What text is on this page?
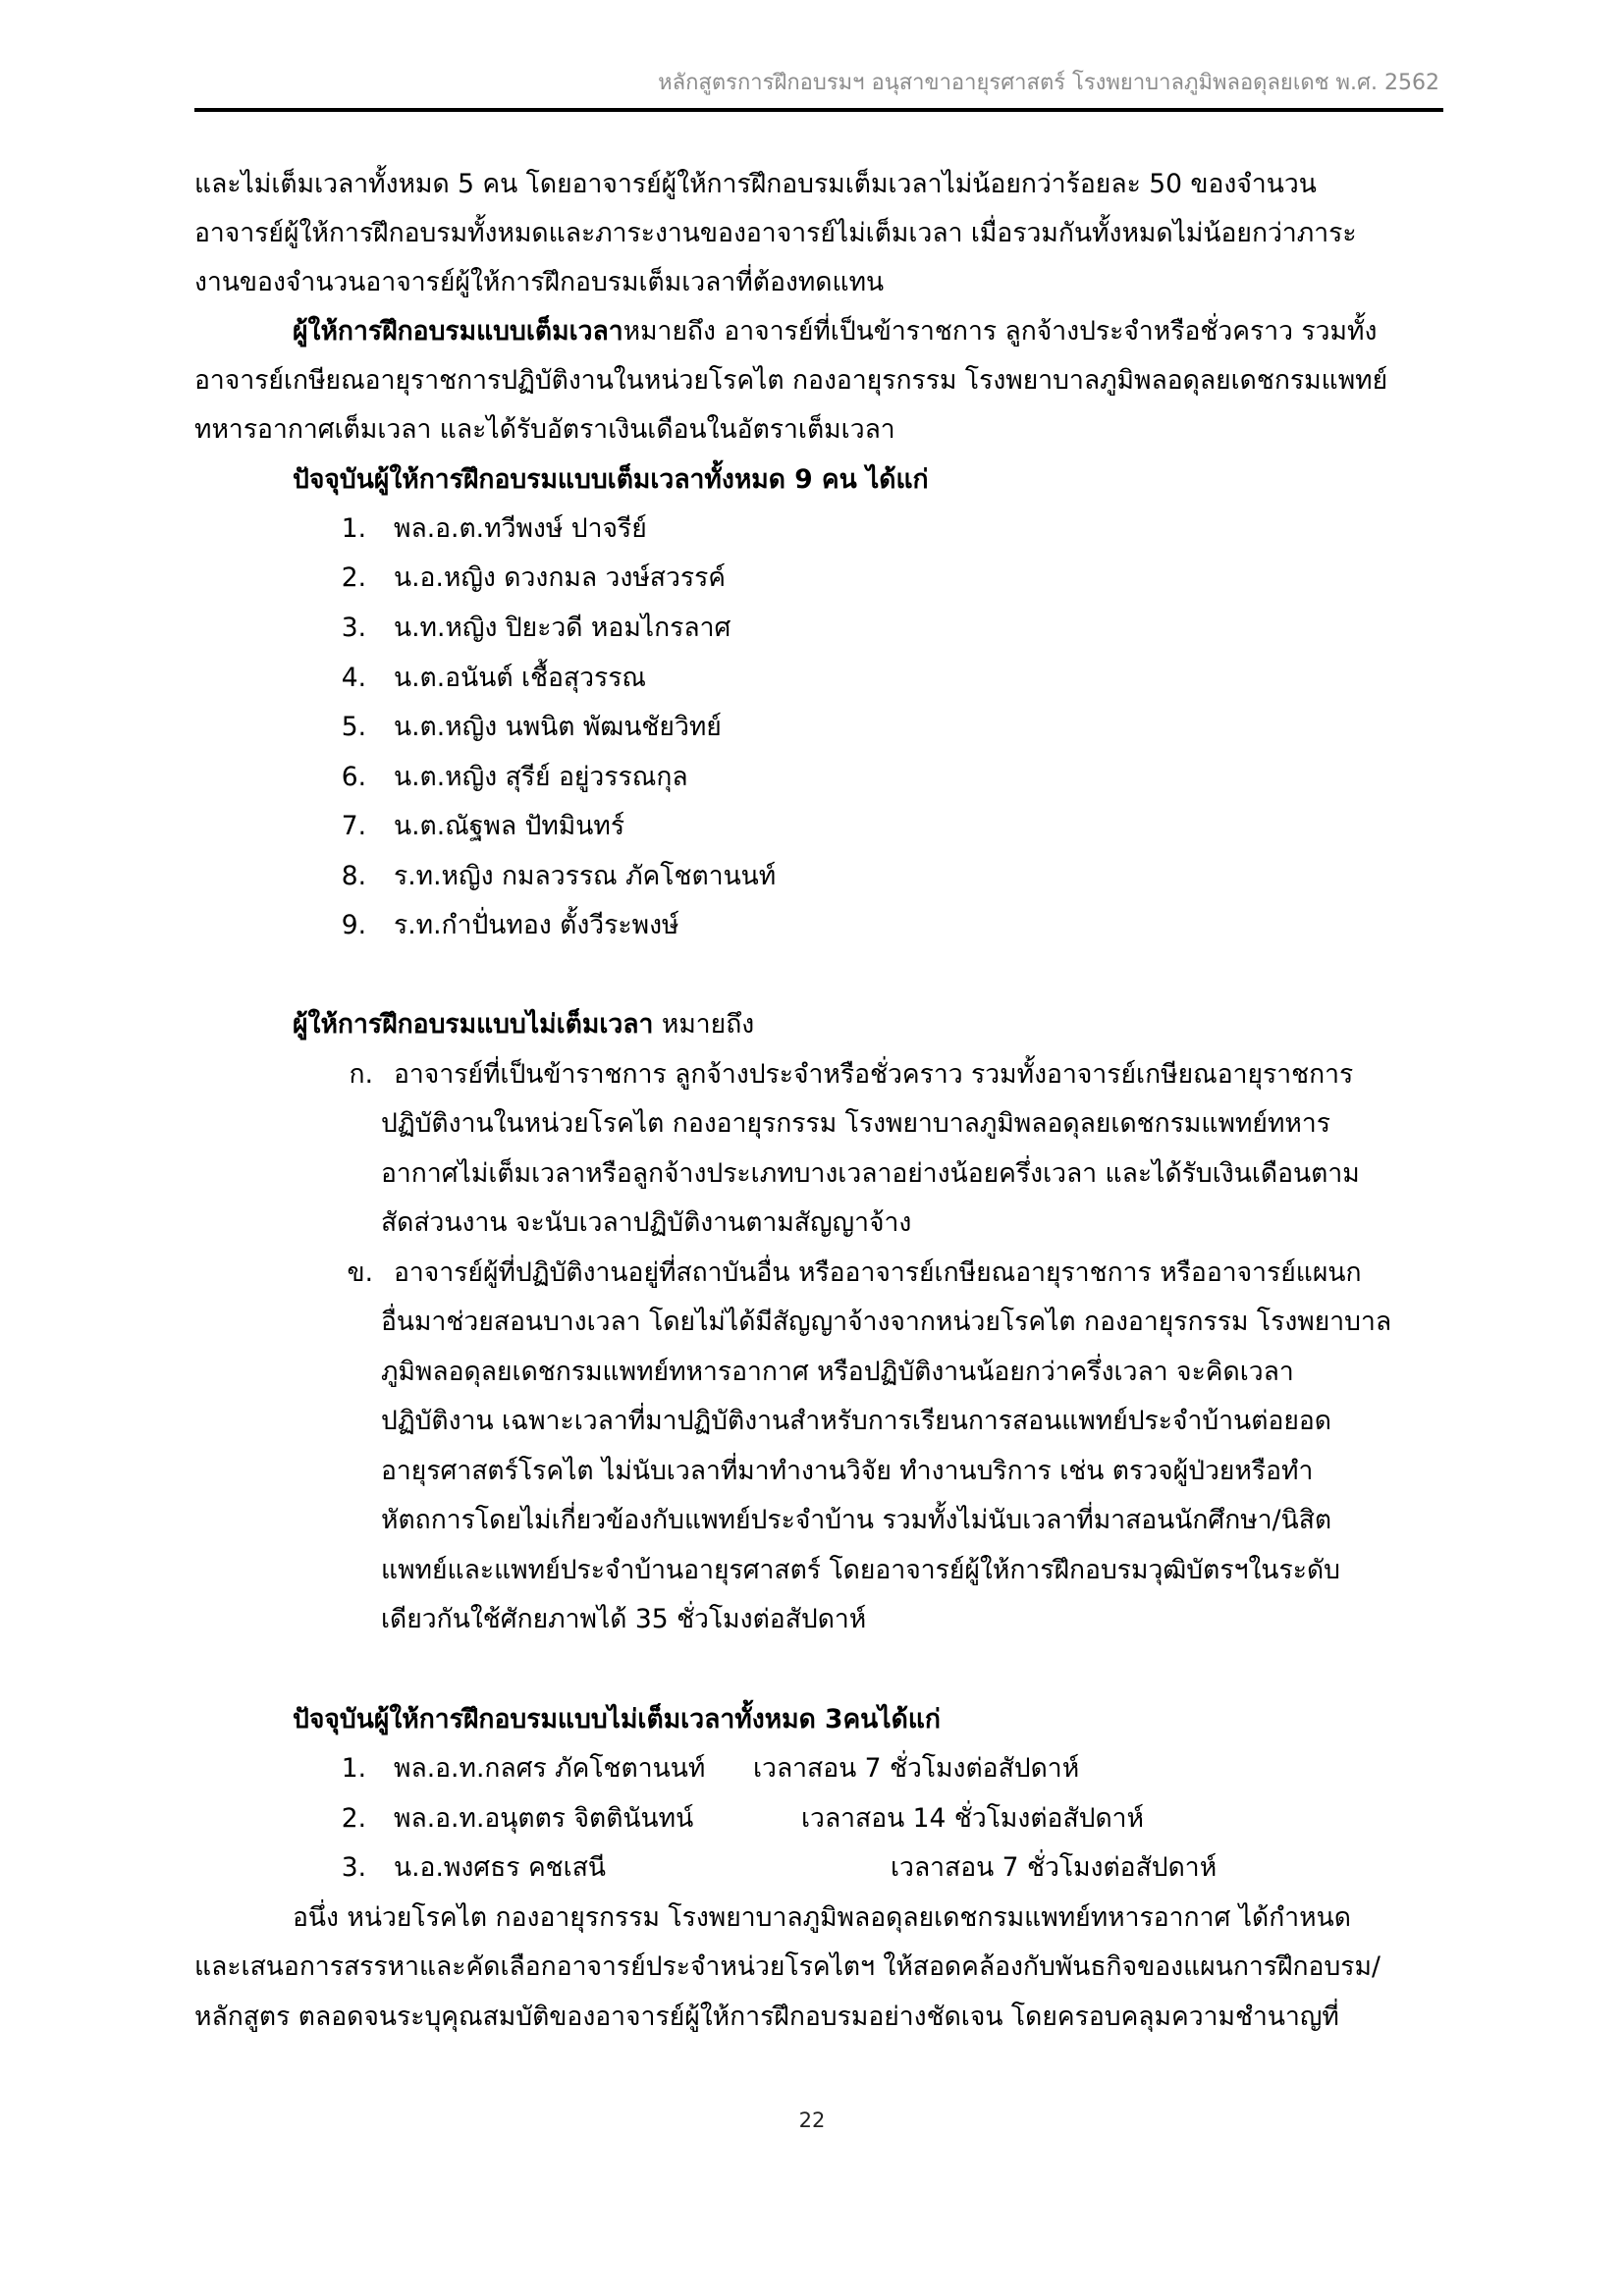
หลักสูตรการฝึกอบรมฯ อนุสาขาอายุรศาสตร์ โรงพยาบาลภูมิพลอดุลยเดช พ.ศ. 2562
และไม่เต็มเวลาทั้งหมด 5 คน โดยอาจารย์ผู้ให้การฝึกอบรมเต็มเวลาไม่น้อยกว่าร้อยละ 50 ของจำนวน
อาจารย์ผู้ให้การฝึกอบรมทั้งหมดและภาระงานของอาจารย์ไม่เต็มเวลา เมื่อรวมกันทั้งหมดไม่น้อยกว่าภาระ
งานของจำนวนอาจารย์ผู้ให้การฝึกอบรมเต็มเวลาที่ต้องทดแทน
ผู้ให้การฝึกอบรมแบบเต็มเวลาหมายถึง อาจารย์ที่เป็นข้าราชการ ลูกจ้างประจำหรือชั่วคราว รวมทั้ง
อาจารย์เกษียณอายุราชการปฏิบัติงานในหน่วยโรคไต กองอายุรกรรม โรงพยาบาลภูมิพลอดุลยเดชกรมแพทย์
ทหารอากาศเต็มเวลา และได้รับอัตราเงินเดือนในอัตราเต็มเวลา
ปัจจุบันผู้ให้การฝึกอบรมแบบเต็มเวลาทั้งหมด 9 คน ได้แก่
1. พล.อ.ต.ทวีพงษ์ ปาจรีย์
2. น.อ.หญิง ดวงกมล วงษ์สวรรค์
3. น.ท.หญิง ปิยะวดี หอมไกรลาศ
4. น.ต.อนันต์ เชื้อสุวรรณ
5. น.ต.หญิง นพนิต พัฒนชัยวิทย์
6. น.ต.หญิง สุรีย์ อยู่วรรณกุล
7. น.ต.ณัฐพล ปัทมินทร์
8. ร.ท.หญิง กมลวรรณ ภัคโชตานนท์
9. ร.ท.กำปั่นทอง ตั้งวีระพงษ์
ผู้ให้การฝึกอบรมแบบไม่เต็มเวลา หมายถึง
ก. อาจารย์ที่เป็นข้าราชการ ลูกจ้างประจำหรือชั่วคราว รวมทั้งอาจารย์เกษียณอายุราชการ
ปฏิบัติงานในหน่วยโรคไต กองอายุรกรรม โรงพยาบาลภูมิพลอดุลยเดชกรมแพทย์ทหาร
อากาศไม่เต็มเวลาหรือลูกจ้างประเภทบางเวลาอย่างน้อยครึ่งเวลา และได้รับเงินเดือนตาม
สัดส่วนงาน จะนับเวลาปฏิบัติงานตามสัญญาจ้าง
ข. อาจารย์ผู้ที่ปฏิบัติงานอยู่ที่สถาบันอื่น หรืออาจารย์เกษียณอายุราชการ หรืออาจารย์แผนก
อื่นมาช่วยสอนบางเวลา โดยไม่ได้มีสัญญาจ้างจากหน่วยโรคไต กองอายุรกรรม โรงพยาบาล
ภูมิพลอดุลยเดชกรมแพทย์ทหารอากาศ หรือปฏิบัติงานน้อยกว่าครึ่งเวลา จะคิดเวลา
ปฏิบัติงาน เฉพาะเวลาที่มาปฏิบัติงานสำหรับการเรียนการสอนแพทย์ประจำบ้านต่อยอด
อายุรศาสตร์โรคไต ไม่นับเวลาที่มาทำงานวิจัย ทำงานบริการ เช่น ตรวจผู้ป่วยหรือทำ
หัตถการโดยไม่เกี่ยวข้องกับแพทย์ประจำบ้าน รวมทั้งไม่นับเวลาที่มาสอนนักศึกษา/นิสิต
แพทย์และแพทย์ประจำบ้านอายุรศาสตร์ โดยอาจารย์ผู้ให้การฝึกอบรมวุฒิบัตรฯในระดับ
เดียวกันใช้ศักยภาพได้ 35 ชั่วโมงต่อสัปดาห์
ปัจจุบันผู้ให้การฝึกอบรมแบบไม่เต็มเวลาทั้งหมด 3คนได้แก่
1. พล.อ.ท.กลศร ภัคโชตานนท์ เวลาสอน 7 ชั่วโมงต่อสัปดาห์
2. พล.อ.ท.อนุตตร จิตตินันทน์	เวลาสอน 14 ชั่วโมงต่อสัปดาห์
3. น.อ.พงศธร คชเสนี	เวลาสอน 7 ชั่วโมงต่อสัปดาห์
อนึ่ง หน่วยโรคไต กองอายุรกรรม โรงพยาบาลภูมิพลอดุลยเดชกรมแพทย์ทหารอากาศ ได้กำหนด
และเสนอการสรรหาและคัดเลือกอาจารย์ประจำหน่วยโรคไตฯ ให้สอดคล้องกับพันธกิจของแผนการฝึกอบรม/
หลักสูตร ตลอดจนระบุคุณสมบัติของอาจารย์ผู้ให้การฝึกอบรมอย่างชัดเจน โดยครอบคลุมความชำนาญที่
22
